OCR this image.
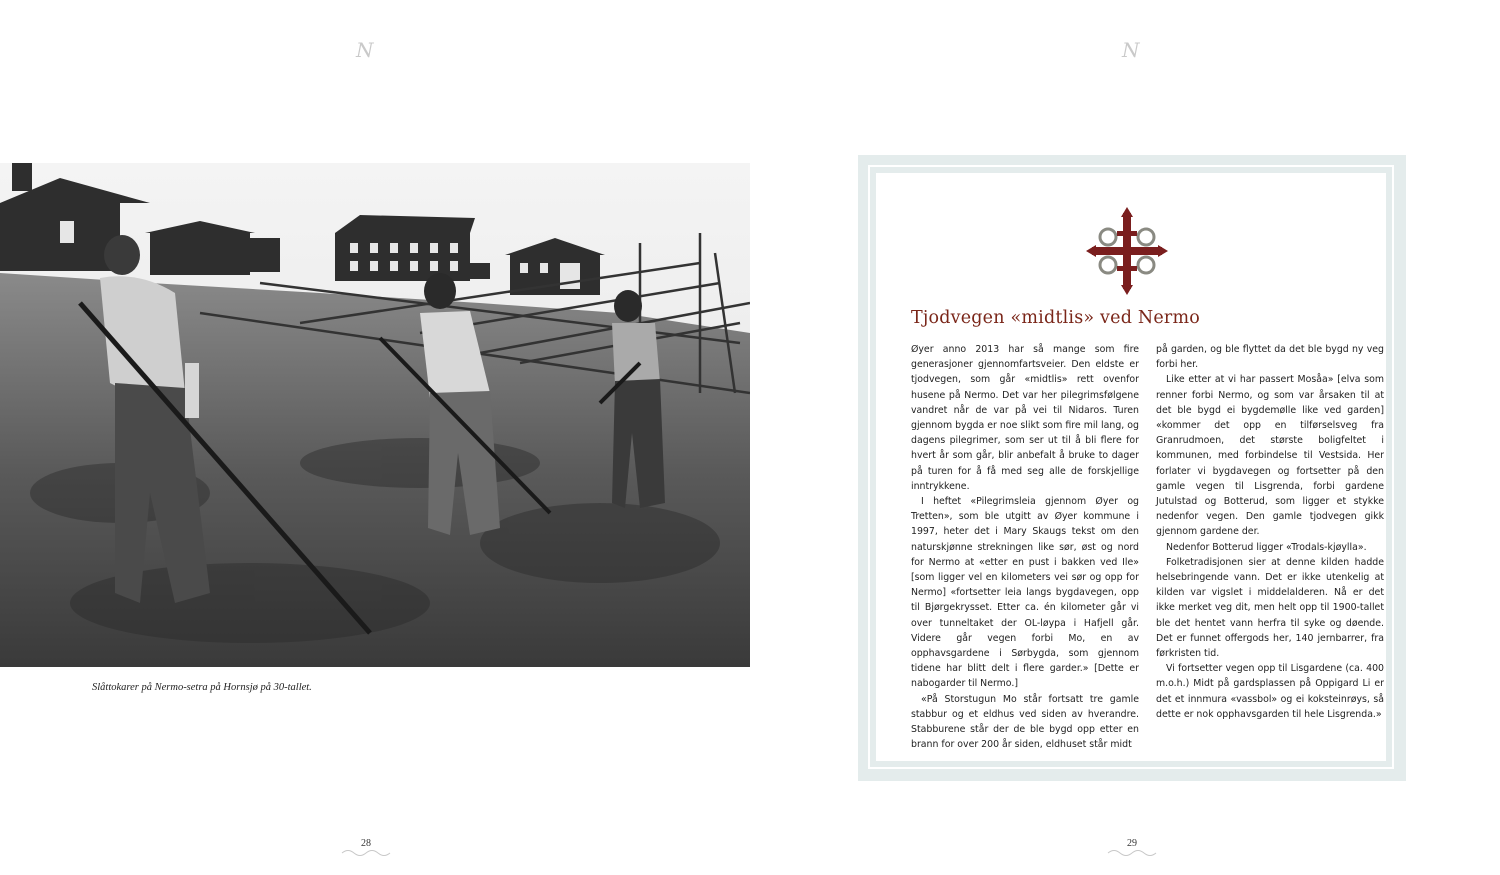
N	N
Slåttokarer på Nermo-setra på Hornsjø på 30-tallet.
28	29
Tjodvegen «midtlis» ved Nermo

Øyer anno 2013 har så mange som fire generasjoner gjennomfartsveier. Den eldste er tjodvegen, som går «midtlis» rett ovenfor husene på Nermo. Det var her pilegrimsfølgene vandret når de var på vei til Nidaros. Turen gjennom bygda er noe slikt som fire mil lang, og dagens pilegrimer, som ser ut til å bli flere for hvert år som går, blir anbefalt å bruke to dager på turen for å få med seg alle de forskjellige inntrykkene.

I heftet «Pilegrimsleia gjennom Øyer og Tretten», som ble utgitt av Øyer kommune i 1997, heter det i Mary Skaugs tekst om den naturskjønne strekningen like sør, øst og nord for Nermo at «etter en pust i bakken ved Ile» [som ligger vel en kilometers vei sør og opp for Nermo] «fortsetter leia langs bygdavegen, opp til Bjørgekrysset. Etter ca. én kilometer går vi over tunneltaket der OL-løypa i Hafjell går. Videre går vegen forbi Mo, en av opphavsgardene i Sørbygda, som gjennom tidene har blitt delt i flere garder.» [Dette er nabogarder til Nermo.]

«På Storstugun Mo står fortsatt tre gamle stabbur og et eldhus ved siden av hverandre. Stabburene står der de ble bygd opp etter en brann for over 200 år siden, eldhuset står midt

på garden, og ble flyttet da det ble bygd ny veg forbi her.

Like etter at vi har passert Mosåa» [elva som renner forbi Nermo, og som var årsaken til at det ble bygd ei bygdemølle like ved garden] «kommer det opp en tilførselsveg fra Granrudmoen, det største boligfeltet i kommunen, med forbindelse til Vestsida. Her forlater vi bygdavegen og fortsetter på den gamle vegen til Lisgrenda, forbi gardene Jutulstad og Botterud, som ligger et stykke nedenfor vegen. Den gamle tjodvegen gikk gjennom gardene der.

Nedenfor Botterud ligger «Trodals-kjøylla».

Folketradisjonen sier at denne kilden hadde helsebringende vann. Det er ikke utenkelig at kilden var vigslet i middelalderen. Nå er det ikke merket veg dit, men helt opp til 1900-tallet ble det hentet vann herfra til syke og døende. Det er funnet offergods her, 140 jernbarrer, fra førkristen tid.

Vi fortsetter vegen opp til Lisgardene (ca. 400 m.o.h.) Midt på gardsplassen på Oppigard Li er det et innmura «vassbol» og ei koksteinrøys, så dette er nok opphavsgarden til hele Lisgrenda.»
